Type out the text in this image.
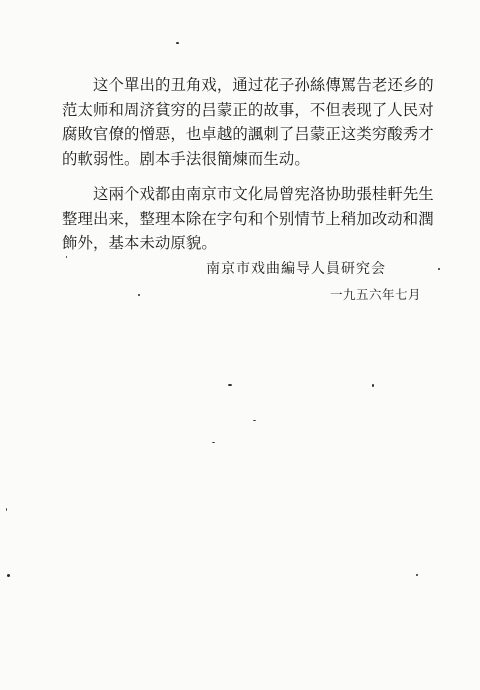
这个單出的丑角戏，通过花子孙絲傳罵告老还乡的
范太师和周济貧穷的吕蒙正的故事，不但表现了人民对
腐敗官僚的憎惡，也卓越的諷刺了吕蒙正这类穷酸秀才
的軟弱性。剧本手法很簡煉而生动。
这兩个戏都由南京市文化局曾宪洛协助張桂軒先生
整理出来，整理本除在字句和个别情节上稍加改动和潤
飾外，基本未动原貌。
南京市戏曲編导人員研究会
一九五六年七月
